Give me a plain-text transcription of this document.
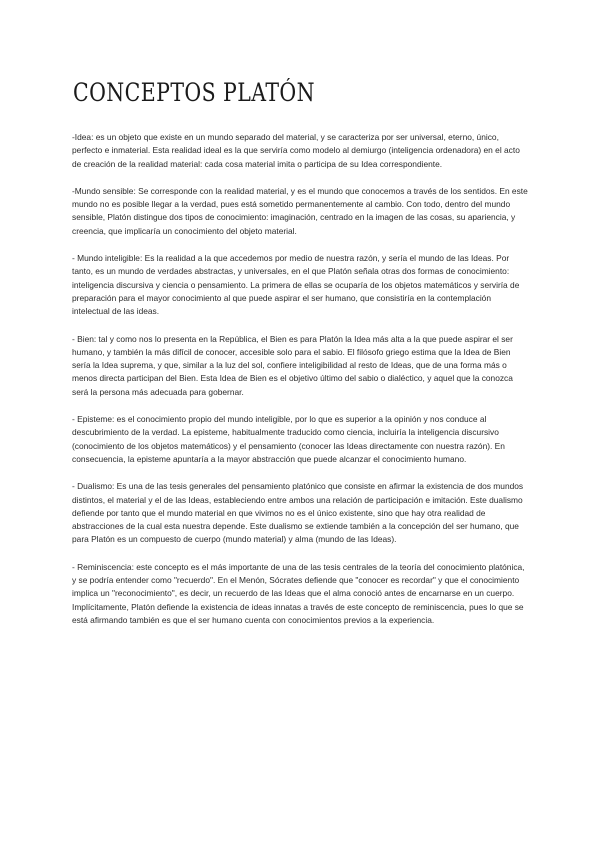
CONCEPTOS PLATÓN

-Idea: es un objeto que existe en un mundo separado del material, y se caracteriza por ser universal, eterno, único, perfecto e inmaterial. Esta realidad ideal es la que serviría como modelo al demiurgo (inteligencia ordenadora) en el acto de creación de la realidad material: cada cosa material imita o participa de su Idea correspondiente.

-Mundo sensible: Se corresponde con la realidad material, y es el mundo que conocemos a través de los sentidos. En este mundo no es posible llegar a la verdad, pues está sometido permanentemente al cambio. Con todo, dentro del mundo sensible, Platón distingue dos tipos de conocimiento: imaginación, centrado en la imagen de las cosas, su apariencia, y creencia, que implicaría un conocimiento del objeto material.

- Mundo inteligible: Es la realidad a la que accedemos por medio de nuestra razón, y sería el mundo de las Ideas. Por tanto, es un mundo de verdades abstractas, y universales, en el que Platón señala otras dos formas de conocimiento: inteligencia discursiva y ciencia o pensamiento. La primera de ellas se ocuparía de los objetos matemáticos y serviría de preparación para el mayor conocimiento al que puede aspirar el ser humano, que consistiría en la contemplación intelectual de las ideas.

- Bien: tal y como nos lo presenta en la República, el Bien es para Platón la Idea más alta a la que puede aspirar el ser humano, y también la más difícil de conocer, accesible solo para el sabio. El filósofo griego estima que la Idea de Bien sería la Idea suprema, y que, similar a la luz del sol, confiere inteligibilidad al resto de Ideas, que de una forma más o menos directa participan del Bien. Esta Idea de Bien es el objetivo último del sabio o dialéctico, y aquel que la conozca será la persona más adecuada para gobernar.

- Episteme: es el conocimiento propio del mundo inteligible, por lo que es superior a la opinión y nos conduce al descubrimiento de la verdad. La episteme, habitualmente traducido como ciencia, incluiría la inteligencia discursivo (conocimiento de los objetos matemáticos) y el pensamiento (conocer las Ideas directamente con nuestra razón). En consecuencia, la episteme apuntaría a la mayor abstracción que puede alcanzar el conocimiento humano.

- Dualismo: Es una de las tesis generales del pensamiento platónico que consiste en afirmar la existencia de dos mundos distintos, el material y el de las Ideas, estableciendo entre ambos una relación de participación e imitación. Este dualismo defiende por tanto que el mundo material en que vivimos no es el único existente, sino que hay otra realidad de abstracciones de la cual esta nuestra depende. Este dualismo se extiende también a la concepción del ser humano, que para Platón es un compuesto de cuerpo (mundo material) y alma (mundo de las Ideas).

- Reminiscencia: este concepto es el más importante de una de las tesis centrales de la teoría del conocimiento platónica, y se podría entender como "recuerdo". En el Menón, Sócrates defiende que "conocer es recordar" y que el conocimiento implica un "reconocimiento", es decir, un recuerdo de las Ideas que el alma conoció antes de encarnarse en un cuerpo. Implícitamente, Platón defiende la existencia de ideas innatas a través de este concepto de reminiscencia, pues lo que se está afirmando también es que el ser humano cuenta con conocimientos previos a la experiencia.
